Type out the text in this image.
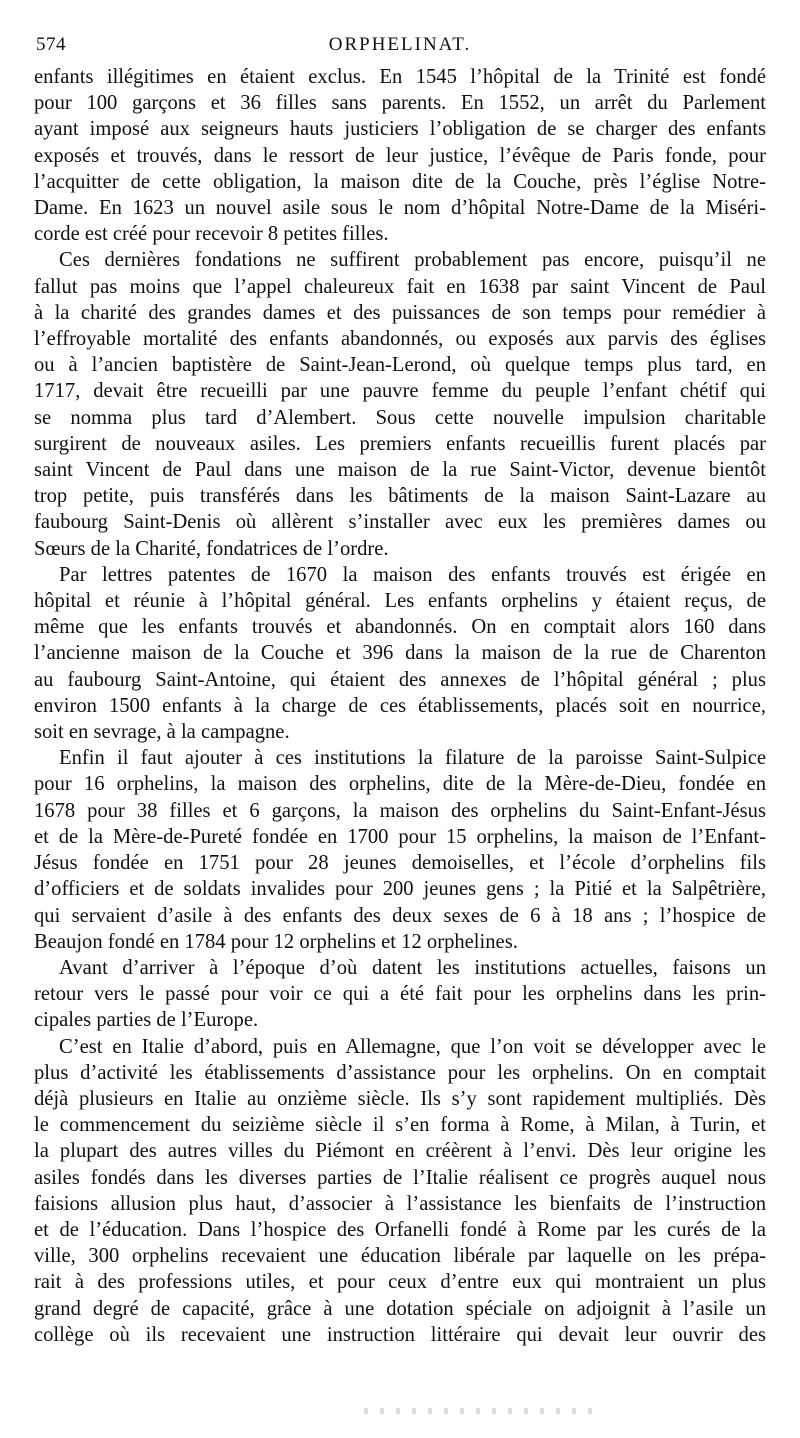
574	ORPHELINAT.

enfants illégitimes en étaient exclus. En 1545 l’hôpital de la Trinité est fondé
pour 100 garçons et 36 filles sans parents. En 1552, un arrêt du Parlement
ayant imposé aux seigneurs hauts justiciers l’obligation de se charger des enfants
exposés et trouvés, dans le ressort de leur justice, l’évêque de Paris fonde, pour
l’acquitter de cette obligation, la maison dite de la Couche, près l’église Notre-
Dame. En 1623 un nouvel asile sous le nom d’hôpital Notre-Dame de la Miséri-
corde est créé pour recevoir 8 petites filles.

Ces dernières fondations ne suffirent probablement pas encore, puisqu’il ne
fallut pas moins que l’appel chaleureux fait en 1638 par saint Vincent de Paul
à la charité des grandes dames et des puissances de son temps pour remédier à
l’effroyable mortalité des enfants abandonnés, ou exposés aux parvis des églises
ou à l’ancien baptistère de Saint-Jean-Lerond, où quelque temps plus tard, en
1717, devait être recueilli par une pauvre femme du peuple l’enfant chétif qui
se nomma plus tard d’Alembert. Sous cette nouvelle impulsion charitable
surgirent de nouveaux asiles. Les premiers enfants recueillis furent placés par
saint Vincent de Paul dans une maison de la rue Saint-Victor, devenue bientôt
trop petite, puis transférés dans les bâtiments de la maison Saint-Lazare au
faubourg Saint-Denis où allèrent s’installer avec eux les premières dames ou
Sœurs de la Charité, fondatrices de l’ordre.

Par lettres patentes de 1670 la maison des enfants trouvés est érigée en
hôpital et réunie à l’hôpital général. Les enfants orphelins y étaient reçus, de
même que les enfants trouvés et abandonnés. On en comptait alors 160 dans
l’ancienne maison de la Couche et 396 dans la maison de la rue de Charenton
au faubourg Saint-Antoine, qui étaient des annexes de l’hôpital général ; plus
environ 1500 enfants à la charge de ces établissements, placés soit en nourrice,
soit en sevrage, à la campagne.

Enfin il faut ajouter à ces institutions la filature de la paroisse Saint-Sulpice
pour 16 orphelins, la maison des orphelins, dite de la Mère-de-Dieu, fondée en
1678 pour 38 filles et 6 garçons, la maison des orphelins du Saint-Enfant-Jésus
et de la Mère-de-Pureté fondée en 1700 pour 15 orphelins, la maison de l’Enfant-
Jésus fondée en 1751 pour 28 jeunes demoiselles, et l’école d’orphelins fils
d’officiers et de soldats invalides pour 200 jeunes gens ; la Pitié et la Salpêtrière,
qui servaient d’asile à des enfants des deux sexes de 6 à 18 ans ; l’hospice de
Beaujon fondé en 1784 pour 12 orphelins et 12 orphelines.

Avant d’arriver à l’époque d’où datent les institutions actuelles, faisons un
retour vers le passé pour voir ce qui a été fait pour les orphelins dans les prin-
cipales parties de l’Europe.

C’est en Italie d’abord, puis en Allemagne, que l’on voit se développer avec le
plus d’activité les établissements d’assistance pour les orphelins. On en comptait
déjà plusieurs en Italie au onzième siècle. Ils s’y sont rapidement multipliés. Dès
le commencement du seizième siècle il s’en forma à Rome, à Milan, à Turin, et
la plupart des autres villes du Piémont en créèrent à l’envi. Dès leur origine les
asiles fondés dans les diverses parties de l’Italie réalisent ce progrès auquel nous
faisions allusion plus haut, d’associer à l’assistance les bienfaits de l’instruction
et de l’éducation. Dans l’hospice des Orfanelli fondé à Rome par les curés de la
ville, 300 orphelins recevaient une éducation libérale par laquelle on les prépa-
rait à des professions utiles, et pour ceux d’entre eux qui montraient un plus
grand degré de capacité, grâce à une dotation spéciale on adjoignit à l’asile un
collège où ils recevaient une instruction littéraire qui devait leur ouvrir des
